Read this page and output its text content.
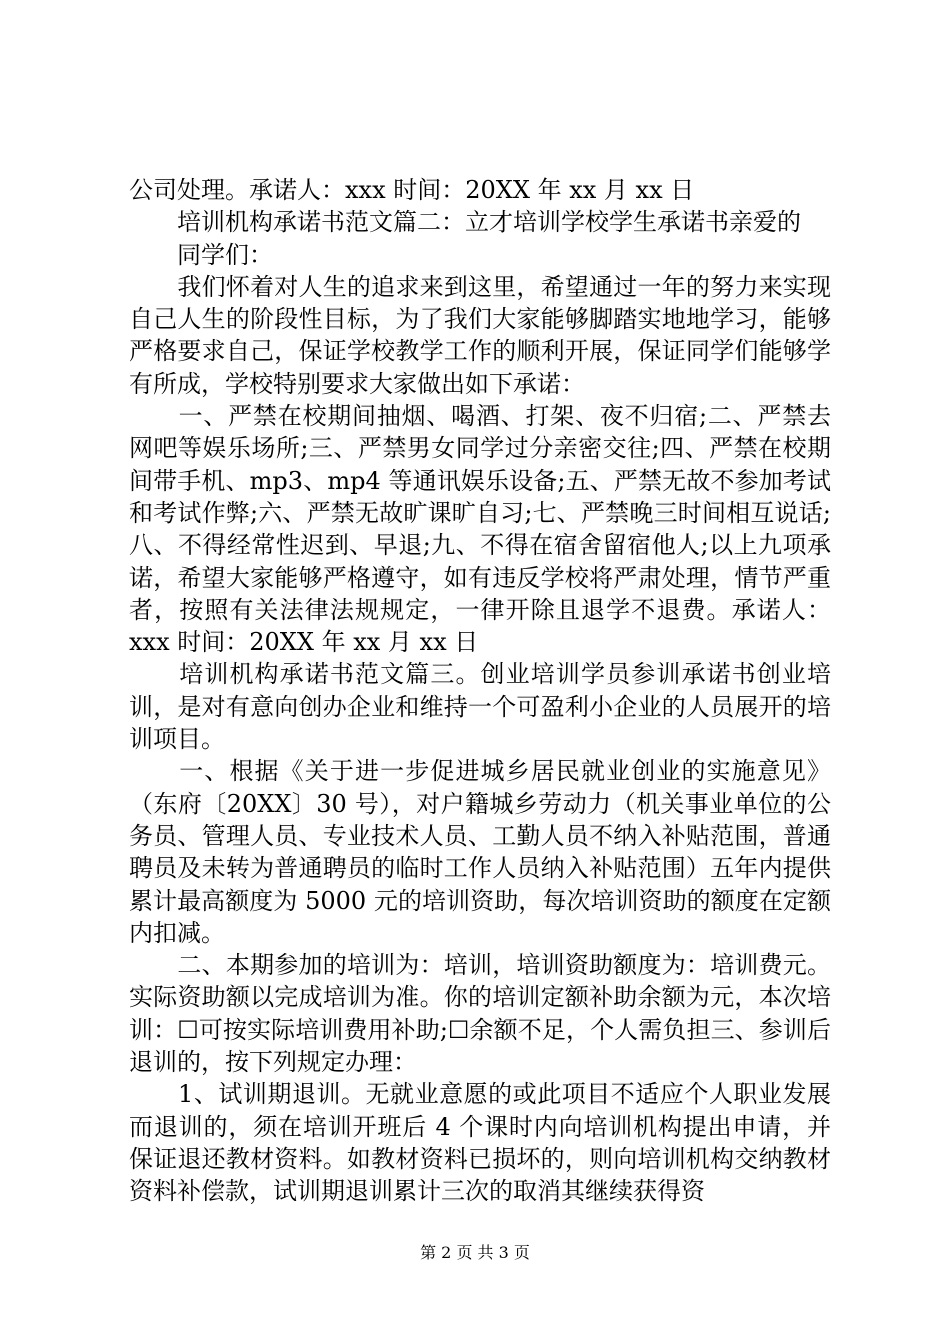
公司处理。承诺人：xxx 时间：20XX 年 xx 月 xx 日

　　培训机构承诺书范文篇二：立才培训学校学生承诺书亲爱的

　　同学们：

　　我们怀着对人生的追求来到这里，希望通过一年的努力来实现自己人生的阶段性目标，为了我们大家能够脚踏实地地学习，能够严格要求自己，保证学校教学工作的顺利开展，保证同学们能够学有所成，学校特别要求大家做出如下承诺：

　　一、严禁在校期间抽烟、喝酒、打架、夜不归宿;二、严禁去网吧等娱乐场所;三、严禁男女同学过分亲密交往;四、严禁在校期间带手机、mp3、mp4 等通讯娱乐设备;五、严禁无故不参加考试和考试作弊;六、严禁无故旷课旷自习;七、严禁晚三时间相互说话;八、不得经常性迟到、早退;九、不得在宿舍留宿他人;以上九项承诺，希望大家能够严格遵守，如有违反学校将严肃处理，情节严重者，按照有关法律法规规定，一律开除且退学不退费。承诺人：xxx 时间：20XX 年 xx 月 xx 日

　　培训机构承诺书范文篇三。创业培训学员参训承诺书创业培训，是对有意向创办企业和维持一个可盈利小企业的人员展开的培训项目。

　　一、根据《关于进一步促进城乡居民就业创业的实施意见》（东府〔20XX〕30 号），对户籍城乡劳动力（机关事业单位的公务员、管理人员、专业技术人员、工勤人员不纳入补贴范围，普通聘员及未转为普通聘员的临时工作人员纳入补贴范围）五年内提供累计最高额度为 5000 元的培训资助，每次培训资助的额度在定额内扣减。

　　二、本期参加的培训为：培训，培训资助额度为：培训费元。实际资助额以完成培训为准。你的培训定额补助余额为元，本次培训：☐可按实际培训费用补助;☐余额不足，个人需负担三、参训后退训的，按下列规定办理：

　　1、试训期退训。无就业意愿的或此项目不适应个人职业发展而退训的，须在培训开班后 4 个课时内向培训机构提出申请，并保证退还教材资料。如教材资料已损坏的，则向培训机构交纳教材资料补偿款，试训期退训累计三次的取消其继续获得资

第 2 页 共 3 页
